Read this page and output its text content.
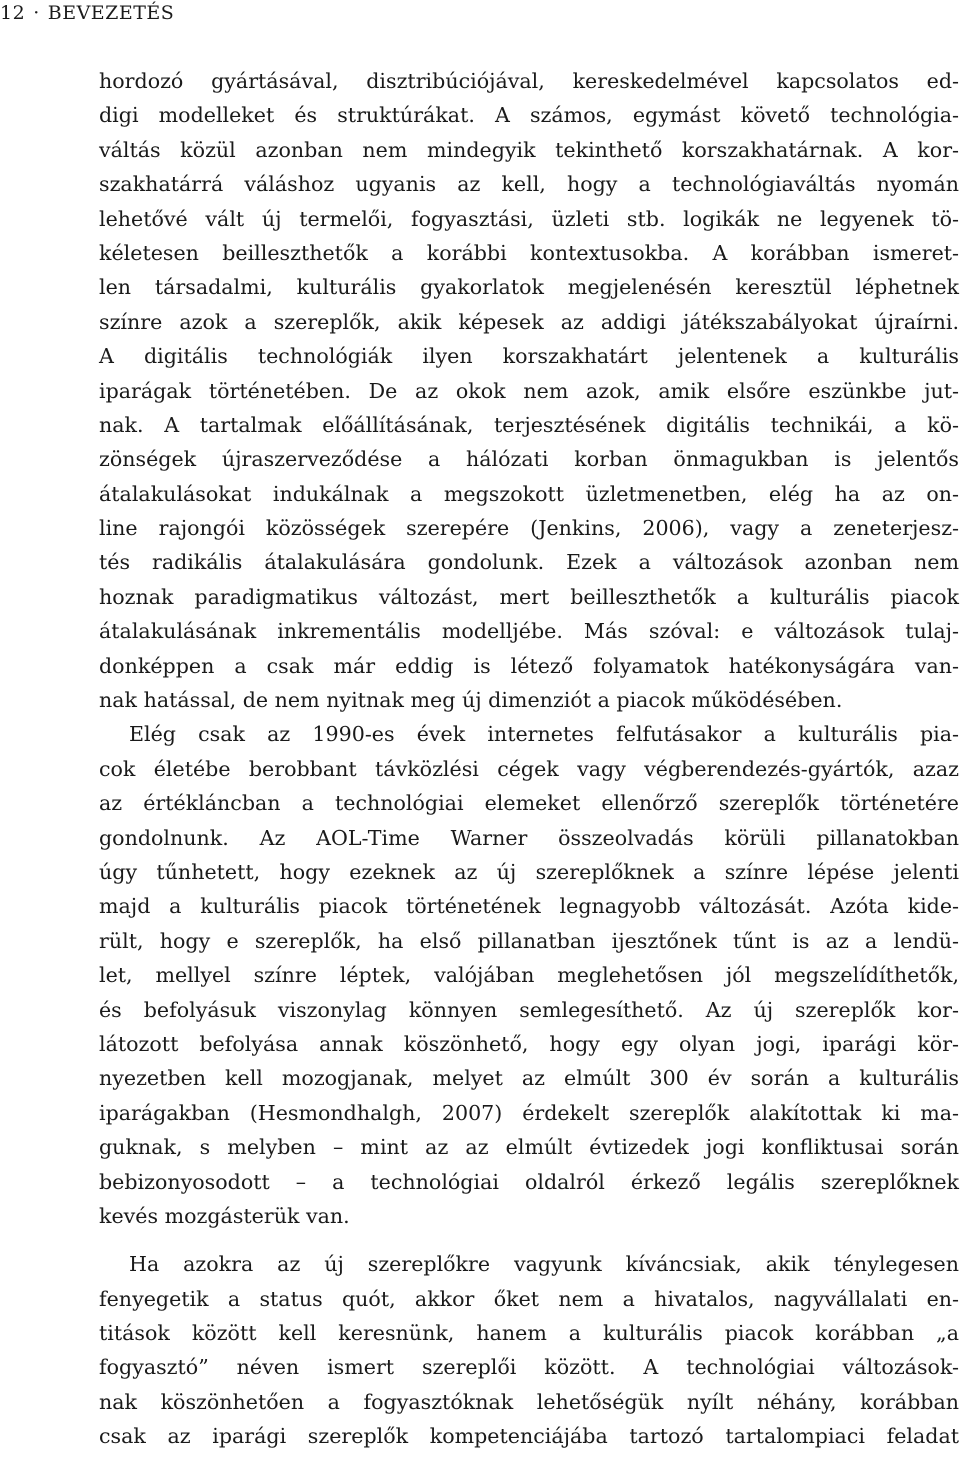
12 · BEVEZETÉS
hordozó gyártásával, disztribúciójával, kereskedelmével kapcsolatos ed-
digi modelleket és struktúrákat. A számos, egymást követő technológia-
váltás közül azonban nem mindegyik tekinthető korszakhatárnak. A kor-
szakhatárrá váláshoz ugyanis az kell, hogy a technológiaváltás nyomán
lehetővé vált új termelői, fogyasztási, üzleti stb. logikák ne legyenek tö-
kéletesen beilleszthetők a korábbi kontextusokba. A korábban ismeret-
len társadalmi, kulturális gyakorlatok megjelenésén keresztül léphetnek
színre azok a szereplők, akik képesek az addigi játékszabályokat újraírni.
A digitális technológiák ilyen korszakhatárt jelentenek a kulturális
iparágak történetében. De az okok nem azok, amik elsőre eszünkbe jut-
nak. A tartalmak előállításának, terjesztésének digitális technikái, a kö-
zönségek újraszerveződése a hálózati korban önmagukban is jelentős
átalakulásokat indukálnak a megszokott üzletmenetben, elég ha az on-
line rajongói közösségek szerepére (Jenkins, 2006), vagy a zeneterjesz-
tés radikális átalakulására gondolunk. Ezek a változások azonban nem
hoznak paradigmatikus változást, mert beilleszthetők a kulturális piacok
átalakulásának inkrementális modelljébe. Más szóval: e változások tulaj-
donképpen a csak már eddig is létező folyamatok hatékonyságára van-
nak hatással, de nem nyitnak meg új dimenziót a piacok működésében.
Elég csak az 1990-es évek internetes felfutásakor a kulturális pia-
cok életébe berobbant távközlési cégek vagy végberendezés-gyártók, azaz
az értékláncban a technológiai elemeket ellenőrző szereplők történetére
gondolnunk. Az AOL-Time Warner összeolvadás körüli pillanatokban
úgy tűnhetett, hogy ezeknek az új szereplőknek a színre lépése jelenti
majd a kulturális piacok történetének legnagyobb változását. Azóta kide-
rült, hogy e szereplők, ha első pillanatban ijesztőnek tűnt is az a lendü-
let, mellyel színre léptek, valójában meglehetősen jól megszelídíthetők,
és befolyásuk viszonylag könnyen semlegesíthető. Az új szereplők kor-
látozott befolyása annak köszönhető, hogy egy olyan jogi, iparági kör-
nyezetben kell mozogjanak, melyet az elmúlt 300 év során a kulturális
iparágakban (Hesmondhalgh, 2007) érdekelt szereplők alakítottak ki ma-
guknak, s melyben – mint az az elmúlt évtizedek jogi konfliktusai során
bebizonyosodott – a technológiai oldalról érkező legális szereplőknek
kevés mozgásterük van.
Ha azokra az új szereplőkre vagyunk kíváncsiak, akik ténylegesen
fenyegetik a status quót, akkor őket nem a hivatalos, nagyvállalati en-
titások között kell keresnünk, hanem a kulturális piacok korábban „a
fogyasztó” néven ismert szereplői között. A technológiai változások-
nak köszönhetően a fogyasztóknak lehetőségük nyílt néhány, korábban
csak az iparági szereplők kompetenciájába tartozó tartalompiaci feladat
